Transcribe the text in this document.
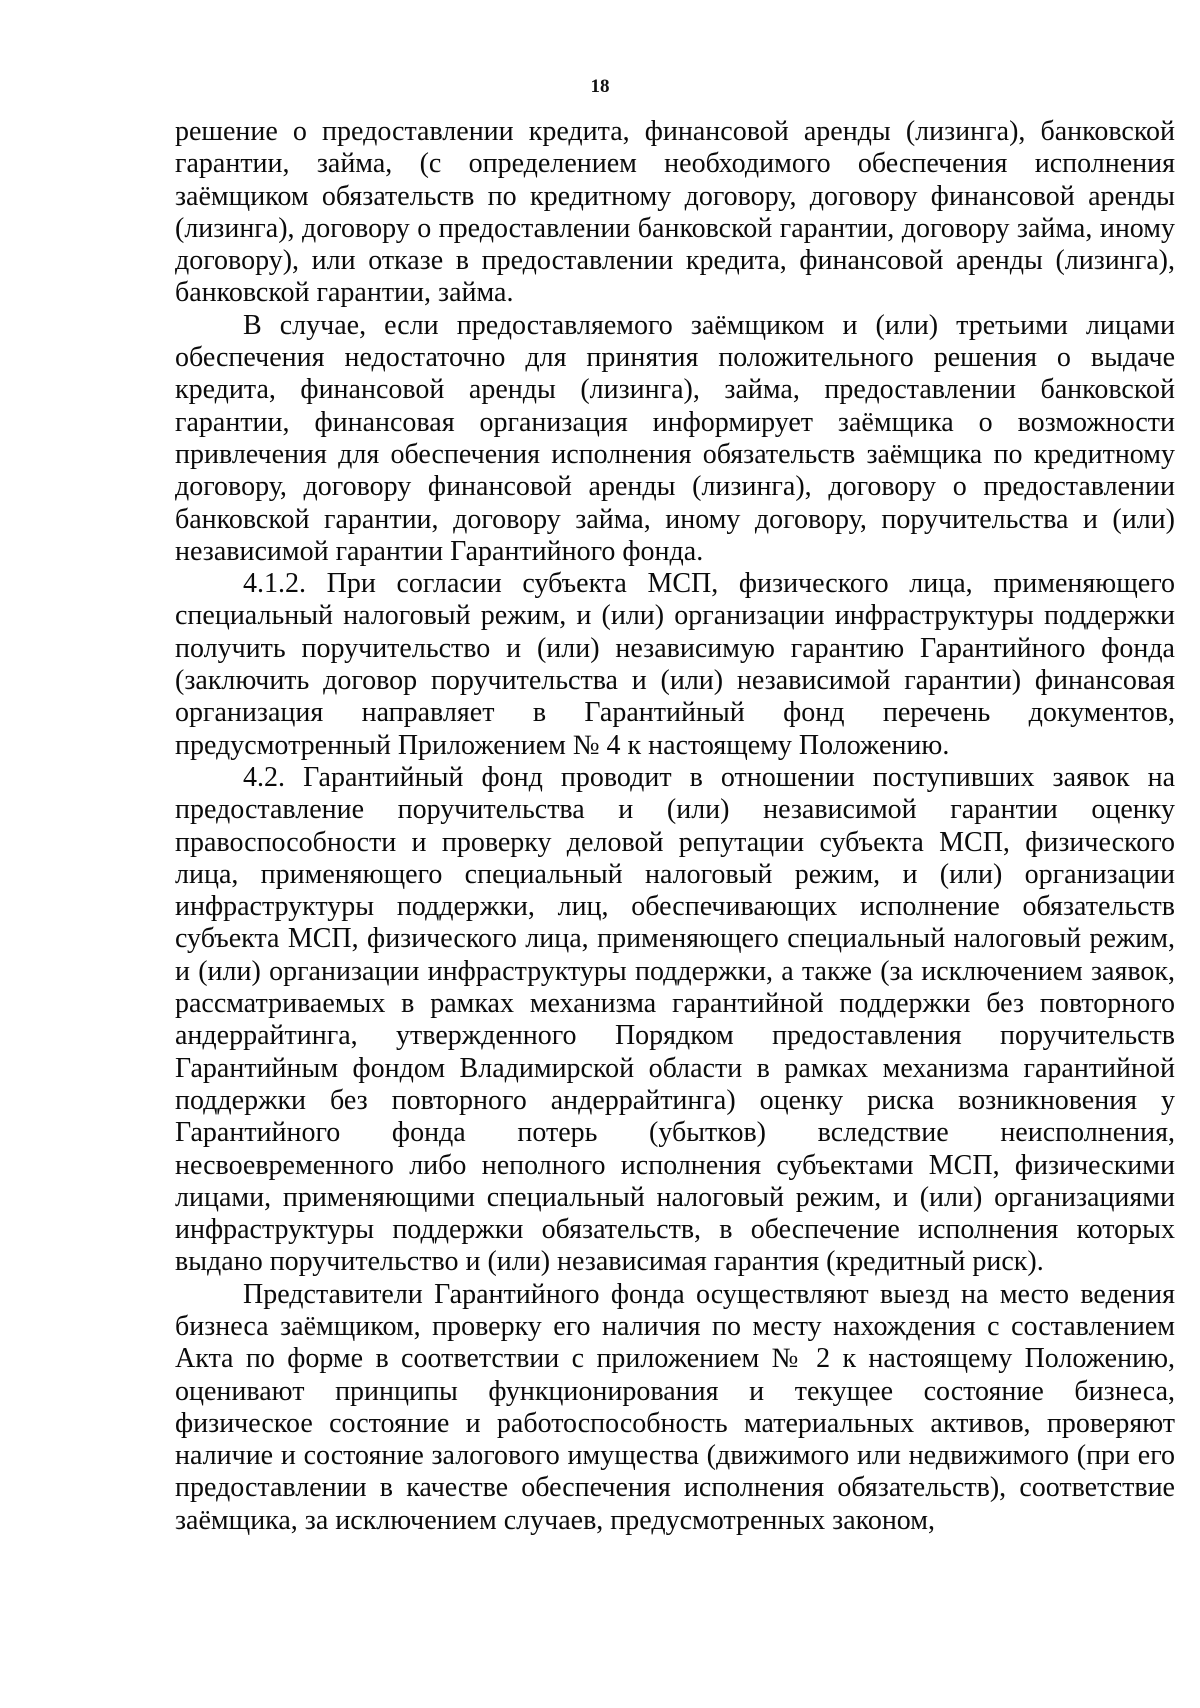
18

решение о предоставлении кредита, финансовой аренды (лизинга), банковской гарантии, займа, (с определением необходимого обеспечения исполнения заёмщиком обязательств по кредитному договору, договору финансовой аренды (лизинга), договору о предоставлении банковской гарантии, договору займа, иному договору), или отказе в предоставлении кредита, финансовой аренды (лизинга), банковской гарантии, займа.

В случае, если предоставляемого заёмщиком и (или) третьими лицами обеспечения недостаточно для принятия положительного решения о выдаче кредита, финансовой аренды (лизинга), займа, предоставлении банковской гарантии, финансовая организация информирует заёмщика о возможности привлечения для обеспечения исполнения обязательств заёмщика по кредитному договору, договору финансовой аренды (лизинга), договору о предоставлении банковской гарантии, договору займа, иному договору, поручительства и (или) независимой гарантии Гарантийного фонда.

4.1.2. При согласии субъекта МСП, физического лица, применяющего специальный налоговый режим, и (или) организации инфраструктуры поддержки получить поручительство и (или) независимую гарантию Гарантийного фонда (заключить договор поручительства и (или) независимой гарантии) финансовая организация направляет в Гарантийный фонд перечень документов, предусмотренный Приложением № 4 к настоящему Положению.

4.2. Гарантийный фонд проводит в отношении поступивших заявок на предоставление поручительства и (или) независимой гарантии оценку правоспособности и проверку деловой репутации субъекта МСП, физического лица, применяющего специальный налоговый режим, и (или) организации инфраструктуры поддержки, лиц, обеспечивающих исполнение обязательств субъекта МСП, физического лица, применяющего специальный налоговый режим, и (или) организации инфраструктуры поддержки, а также (за исключением заявок, рассматриваемых в рамках механизма гарантийной поддержки без повторного андеррайтинга, утвержденного Порядком предоставления поручительств Гарантийным фондом Владимирской области в рамках механизма гарантийной поддержки без повторного андеррайтинга) оценку риска возникновения у Гарантийного фонда потерь (убытков) вследствие неисполнения, несвоевременного либо неполного исполнения субъектами МСП, физическими лицами, применяющими специальный налоговый режим, и (или) организациями инфраструктуры поддержки обязательств, в обеспечение исполнения которых выдано поручительство и (или) независимая гарантия (кредитный риск).

Представители Гарантийного фонда осуществляют выезд на место ведения бизнеса заёмщиком, проверку его наличия по месту нахождения с составлением Акта по форме в соответствии с приложением № 2 к настоящему Положению, оценивают принципы функционирования и текущее состояние бизнеса, физическое состояние и работоспособность материальных активов, проверяют наличие и состояние залогового имущества (движимого или недвижимого (при его предоставлении в качестве обеспечения исполнения обязательств), соответствие заёмщика, за исключением случаев, предусмотренных законом,
